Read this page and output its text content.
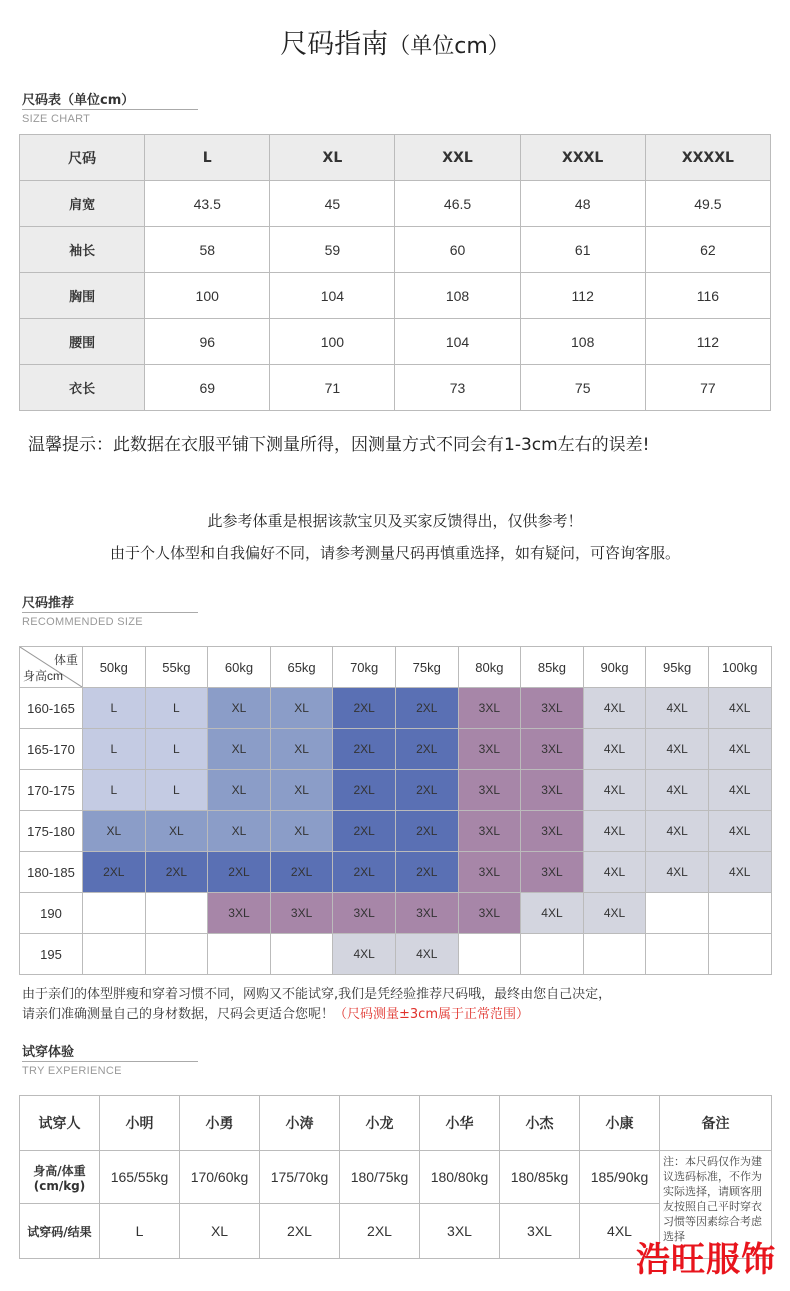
尺码指南（单位cm）
尺码表（单位cm）
SIZE CHART
尺码	L	XL	XXL	XXXL	XXXXL
肩宽	43.5	45	46.5	48	49.5
袖长	58	59	60	61	62
胸围	100	104	108	112	116
腰围	96	100	104	108	112
衣长	69	71	73	75	77
温馨提示：此数据在衣服平铺下测量所得，因测量方式不同会有1-3cm左右的误差!
此参考体重是根据该款宝贝及买家反馈得出，仅供参考！
由于个人体型和自我偏好不同，请参考测量尺码再慎重选择，如有疑问，可咨询客服。
尺码推荐
RECOMMENDED SIZE
体重
身高cm	50kg	55kg	60kg	65kg	70kg	75kg	80kg	85kg	90kg	95kg	100kg
160-165	L	L	XL	XL	2XL	2XL	3XL	3XL	4XL	4XL	4XL
165-170	L	L	XL	XL	2XL	2XL	3XL	3XL	4XL	4XL	4XL
170-175	L	L	XL	XL	2XL	2XL	3XL	3XL	4XL	4XL	4XL
175-180	XL	XL	XL	XL	2XL	2XL	3XL	3XL	4XL	4XL	4XL
180-185	2XL	2XL	2XL	2XL	2XL	2XL	3XL	3XL	4XL	4XL	4XL
190			3XL	3XL	3XL	3XL	3XL	4XL	4XL		
195					4XL	4XL					
由于亲们的体型胖瘦和穿着习惯不同，网购又不能试穿,我们是凭经验推荐尺码哦，最终由您自己决定，
请亲们准确测量自己的身材数据，尺码会更适合您呢！（尺码测量±3cm属于正常范围）
试穿体验
TRY EXPERIENCE
试穿人	小明	小勇	小涛	小龙	小华	小杰	小康	备注
身高/体重(cm/kg)	165/55kg	170/60kg	175/70kg	180/75kg	180/80kg	180/85kg	185/90kg	注：本尺码仅作为建议选码标准，不作为实际选择，请顾客朋友按照自己平时穿衣习惯等因素综合考虑选择

试穿码/结果	L	XL	2XL	2XL	3XL	3XL	4XL	
浩旺服饰
